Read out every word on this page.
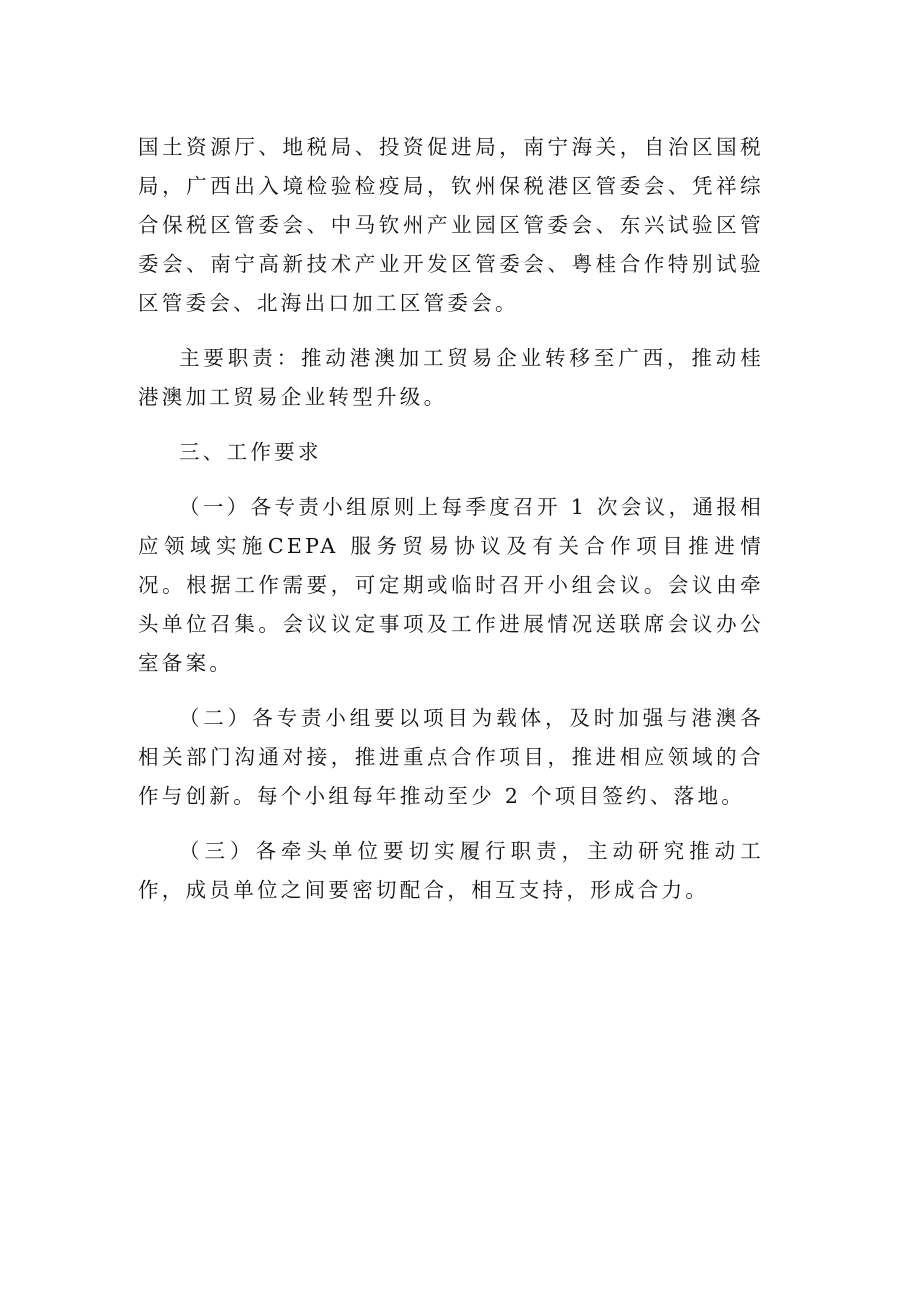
国土资源厅、地税局、投资促进局，南宁海关，自治区国税局，广西出入境检验检疫局，钦州保税港区管委会、凭祥综合保税区管委会、中马钦州产业园区管委会、东兴试验区管委会、南宁高新技术产业开发区管委会、粤桂合作特别试验区管委会、北海出口加工区管委会。

主要职责：推动港澳加工贸易企业转移至广西，推动桂港澳加工贸易企业转型升级。

三、工作要求

（一）各专责小组原则上每季度召开 1 次会议，通报相应领域实施CEPA 服务贸易协议及有关合作项目推进情况。根据工作需要，可定期或临时召开小组会议。会议由牵头单位召集。会议议定事项及工作进展情况送联席会议办公室备案。

（二）各专责小组要以项目为载体，及时加强与港澳各相关部门沟通对接，推进重点合作项目，推进相应领域的合作与创新。每个小组每年推动至少 2 个项目签约、落地。

（三）各牵头单位要切实履行职责，主动研究推动工作，成员单位之间要密切配合，相互支持，形成合力。
